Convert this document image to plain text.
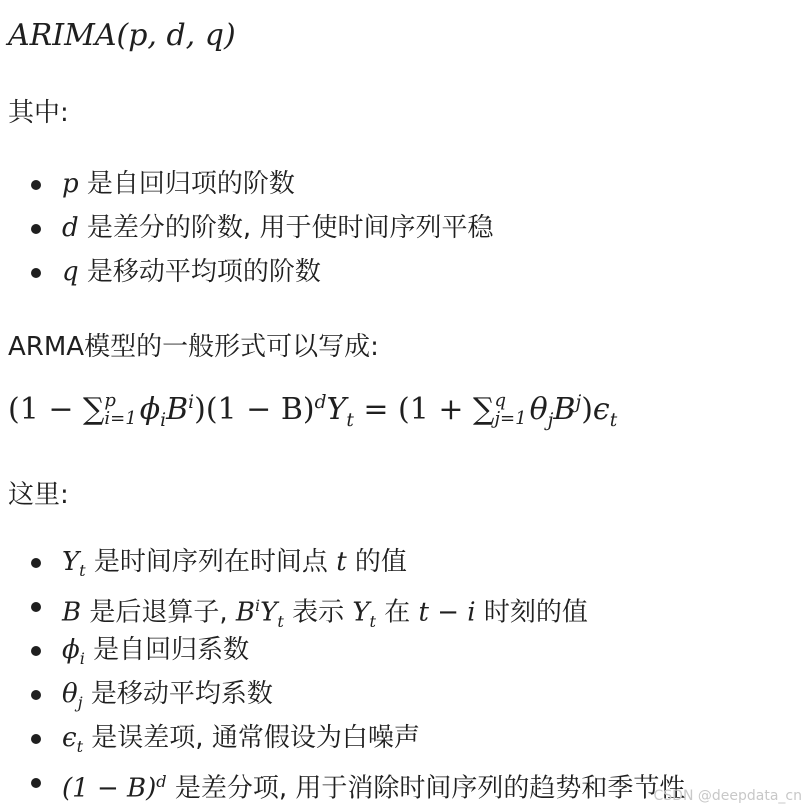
ARIMA(p, d, q)
其中:
p 是自回归项的阶数
d 是差分的阶数, 用于使时间序列平稳
q 是移动平均项的阶数
ARMA模型的一般形式可以写成:
(1 − ∑ p
i=1 $\phi_iB^i)(1 - B)^dY_t = (1$ + ∑ q
j=1 $\theta_jB^j)\epsilon_t$
这里:
$Y_t$ 是时间序列在时间点 t 的值
B 是后退算子, $B^iY_t$ 表示 $Y_t$ 在 t − i 时刻的值
$\phi_i$ 是自回归系数
$\theta_j$ 是移动平均系数
$\epsilon_t$ 是误差项, 通常假设为白噪声
$(1 - B)^d$ 是差分项, 用于消除时间序列的趋势和季节性
CSDN @deepdata_cn
